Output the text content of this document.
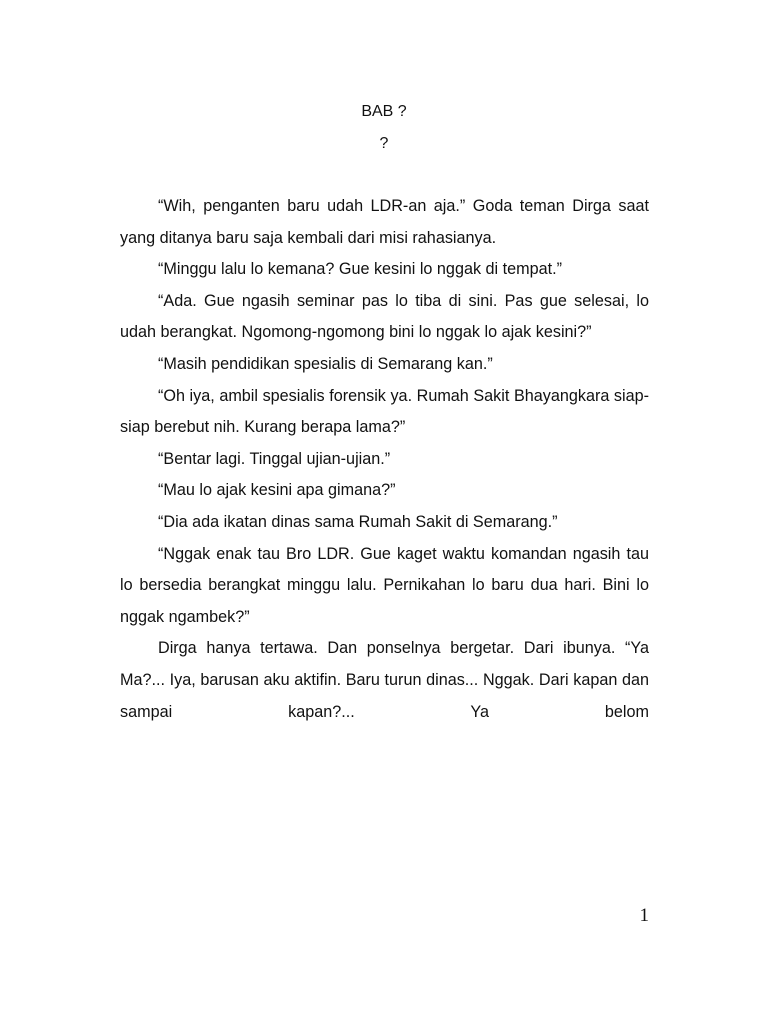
BAB ?
?

“Wih, penganten baru udah LDR-an aja.” Goda teman Dirga saat yang ditanya baru saja kembali dari misi rahasianya.

“Minggu lalu lo kemana? Gue kesini lo nggak di tempat.”

“Ada. Gue ngasih seminar pas lo tiba di sini. Pas gue selesai, lo udah berangkat. Ngomong-ngomong bini lo nggak lo ajak kesini?”

“Masih pendidikan spesialis di Semarang kan.”

“Oh iya, ambil spesialis forensik ya. Rumah Sakit Bhayangkara siap-siap berebut nih. Kurang berapa lama?”

“Bentar lagi. Tinggal ujian-ujian.”

“Mau lo ajak kesini apa gimana?”

“Dia ada ikatan dinas sama Rumah Sakit di Semarang.”

“Nggak enak tau Bro LDR. Gue kaget waktu komandan ngasih tau lo bersedia berangkat minggu lalu. Pernikahan lo baru dua hari. Bini lo nggak ngambek?”

Dirga hanya tertawa. Dan ponselnya bergetar. Dari ibunya. “Ya Ma?... Iya, barusan aku aktifin. Baru turun dinas... Nggak. Dari kapan dan sampai kapan?... Ya belom

1
